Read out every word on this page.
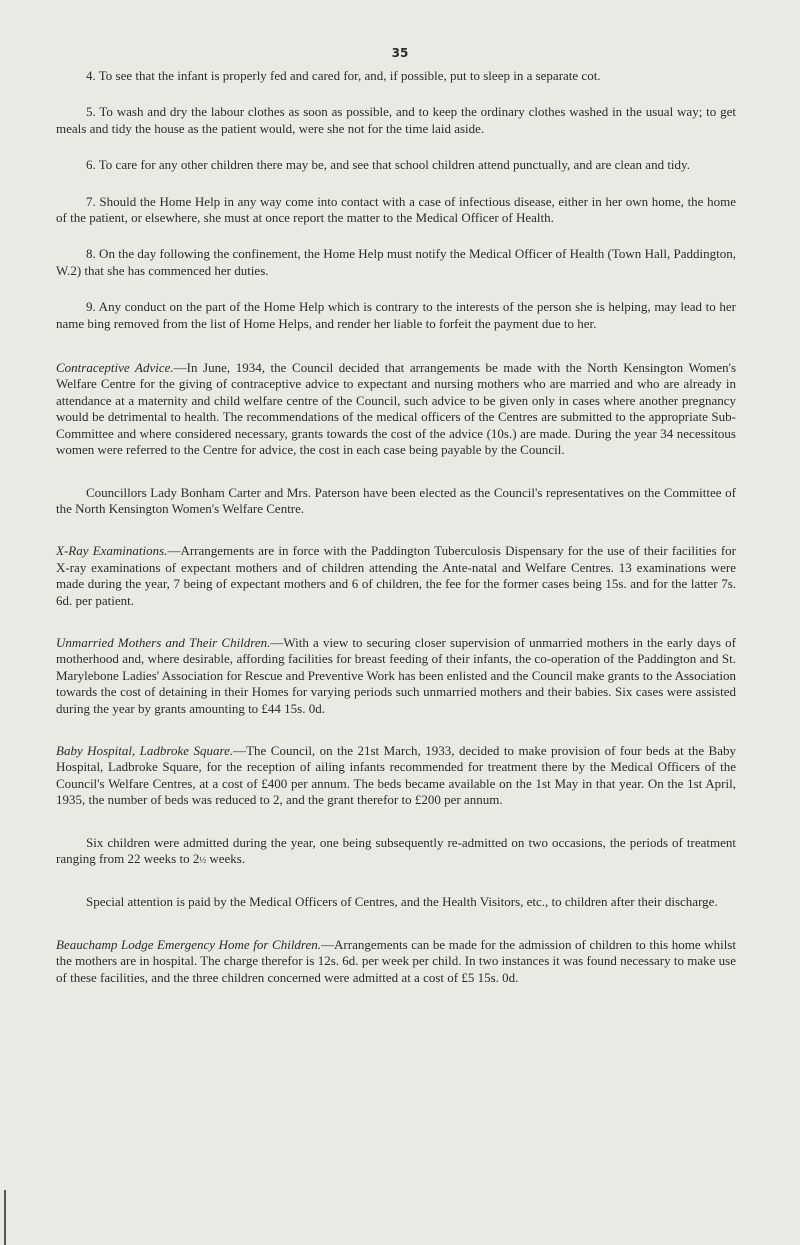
35

4. To see that the infant is properly fed and cared for, and, if possible, put to sleep in a separate cot.

5. To wash and dry the labour clothes as soon as possible, and to keep the ordinary clothes washed in the usual way; to get meals and tidy the house as the patient would, were she not for the time laid aside.

6. To care for any other children there may be, and see that school children attend punctually, and are clean and tidy.

7. Should the Home Help in any way come into contact with a case of infectious disease, either in her own home, the home of the patient, or elsewhere, she must at once report the matter to the Medical Officer of Health.

8. On the day following the confinement, the Home Help must notify the Medical Officer of Health (Town Hall, Paddington, W.2) that she has commenced her duties.

9. Any conduct on the part of the Home Help which is contrary to the interests of the person she is helping, may lead to her name bing removed from the list of Home Helps, and render her liable to forfeit the payment due to her.

Contraceptive Advice.—In June, 1934, the Council decided that arrangements be made with the North Kensington Women's Welfare Centre for the giving of contraceptive advice to expectant and nursing mothers who are married and who are already in attendance at a maternity and child welfare centre of the Council, such advice to be given only in cases where another pregnancy would be detrimental to health. The recommendations of the medical officers of the Centres are submitted to the appropriate Sub-Committee and where considered necessary, grants towards the cost of the advice (10s.) are made. During the year 34 necessitous women were referred to the Centre for advice, the cost in each case being payable by the Council.

Councillors Lady Bonham Carter and Mrs. Paterson have been elected as the Council's representatives on the Committee of the North Kensington Women's Welfare Centre.

X-Ray Examinations.—Arrangements are in force with the Paddington Tuberculosis Dispensary for the use of their facilities for X-ray examinations of expectant mothers and of children attending the Ante-natal and Welfare Centres. 13 examinations were made during the year, 7 being of expectant mothers and 6 of children, the fee for the former cases being 15s. and for the latter 7s. 6d. per patient.

Unmarried Mothers and Their Children.—With a view to securing closer supervision of unmarried mothers in the early days of motherhood and, where desirable, affording facilities for breast feeding of their infants, the co-operation of the Paddington and St. Marylebone Ladies' Association for Rescue and Preventive Work has been enlisted and the Council make grants to the Association towards the cost of detaining in their Homes for varying periods such unmarried mothers and their babies. Six cases were assisted during the year by grants amounting to £44 15s. 0d.

Baby Hospital, Ladbroke Square.—The Council, on the 21st March, 1933, decided to make provision of four beds at the Baby Hospital, Ladbroke Square, for the reception of ailing infants recommended for treatment there by the Medical Officers of the Council's Welfare Centres, at a cost of £400 per annum. The beds became available on the 1st May in that year. On the 1st April, 1935, the number of beds was reduced to 2, and the grant therefor to £200 per annum.

Six children were admitted during the year, one being subsequently re-admitted on two occasions, the periods of treatment ranging from 22 weeks to 2½ weeks.

Special attention is paid by the Medical Officers of Centres, and the Health Visitors, etc., to children after their discharge.

Beauchamp Lodge Emergency Home for Children.—Arrangements can be made for the admission of children to this home whilst the mothers are in hospital. The charge therefor is 12s. 6d. per week per child. In two instances it was found necessary to make use of these facilities, and the three children concerned were admitted at a cost of £5 15s. 0d.
